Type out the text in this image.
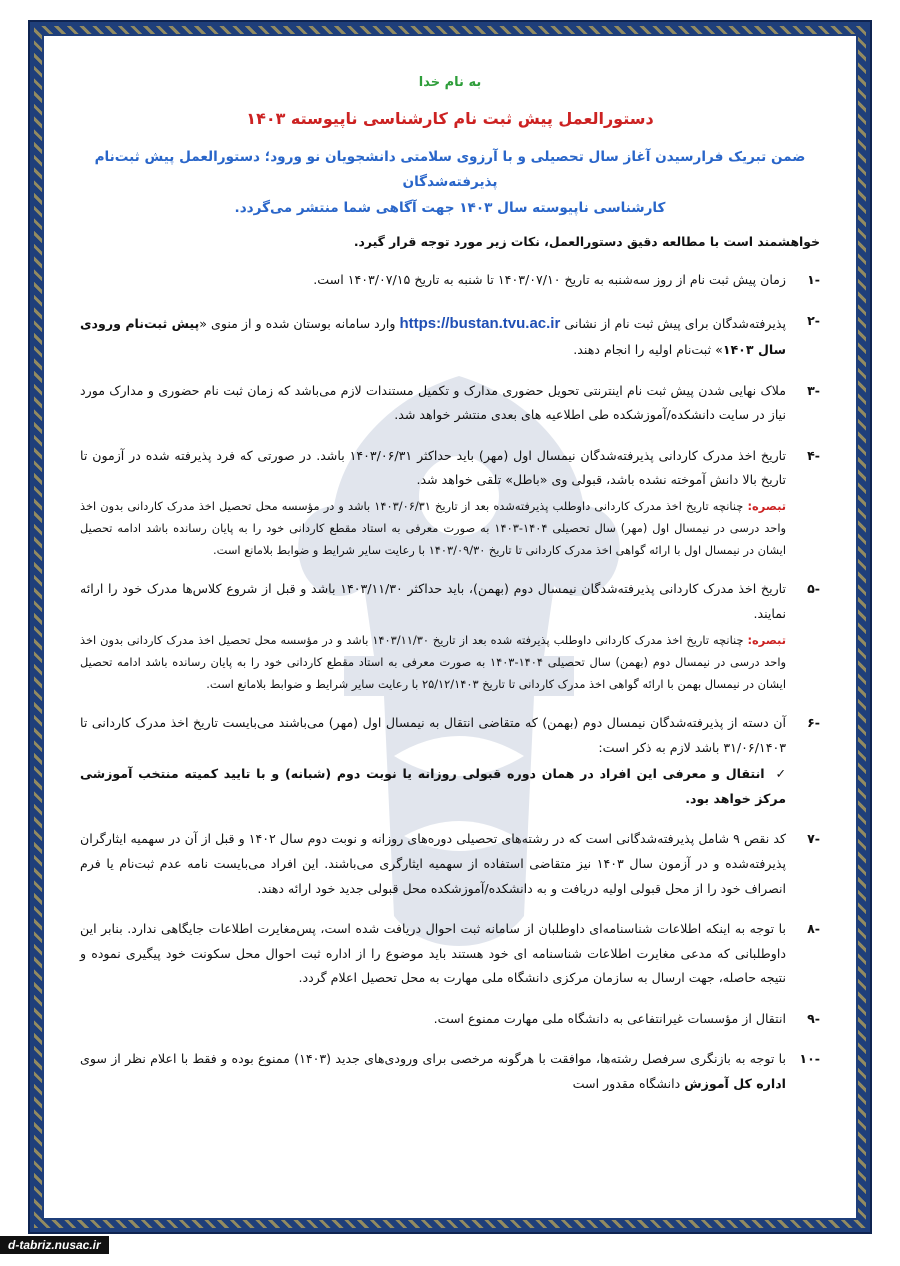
به نام خدا
دستورالعمل پیش ثبت نام کارشناسی ناپیوسته ۱۴۰۳
ضمن تبریک فرارسیدن آغاز سال تحصیلی و با آرزوی سلامتی دانشجویان نو ورود؛ دستورالعمل پیش ثبت‌نام پذیرفته‌شدگان
کارشناسی ناپیوسته سال ۱۴۰۳ جهت آگاهی شما منتشر می‌گردد.
خواهشمند است با مطالعه دقیق دستورالعمل، نکات زیر مورد توجه قرار گیرد.
-۱
زمان پیش ثبت نام از روز سه‌شنبه به تاریخ ۱۴۰۳/۰۷/۱۰ تا شنبه به تاریخ ۱۴۰۳/۰۷/۱۵ است.
-۲
پذیرفته‌شدگان برای پیش ثبت نام از نشانی https://bustan.tvu.ac.ir وارد سامانه بوستان شده و از منوی «پیش ثبت‌نام ورودی سال ۱۴۰۳» ثبت‌نام اولیه را انجام دهند.
-۳
ملاک نهایی شدن پیش ثبت نام اینترنتی تحویل حضوری مدارک و تکمیل مستندات لازم می‌باشد که زمان ثبت نام حضوری و مدارک مورد نیاز در سایت دانشکده/آموزشکده طی اطلاعیه های بعدی منتشر خواهد شد.
-۴
تاریخ اخذ مدرک کاردانی پذیرفته‌شدگان نیمسال اول (مهر) باید حداکثر ۱۴۰۳/۰۶/۳۱ باشد. در صورتی که فرد پذیرفته شده در آزمون تا تاریخ بالا دانش آموخته نشده باشد، قبولی وی «باطل» تلقی خواهد شد.
تبصره: چنانچه تاریخ اخذ مدرک کاردانی داوطلب پذیرفته‌شده بعد از تاریخ ۱۴۰۳/۰۶/۳۱ باشد و در مؤسسه محل تحصیل اخذ مدرک کاردانی بدون اخذ واحد درسی در نیمسال اول (مهر) سال تحصیلی ۱۴۰۴-۱۴۰۳ به صورت معرفی به استاد مقطع کاردانی خود را به پایان رسانده باشد ادامه تحصیل ایشان در نیمسال اول با ارائه گواهی اخذ مدرک کاردانی تا تاریخ ۱۴۰۳/۰۹/۳۰ با رعایت سایر شرایط و ضوابط بلامانع است.
-۵
تاریخ اخذ مدرک کاردانی پذیرفته‌شدگان نیمسال دوم (بهمن)، باید حداکثر ۱۴۰۳/۱۱/۳۰ باشد و قبل از شروع کلاس‌ها مدرک خود را ارائه نمایند.
تبصره: چنانچه تاریخ اخذ مدرک کاردانی داوطلب پذیرفته شده بعد از تاریخ ۱۴۰۳/۱۱/۳۰ باشد و در مؤسسه محل تحصیل اخذ مدرک کاردانی بدون اخذ واحد درسی در نیمسال دوم (بهمن) سال تحصیلی ۱۴۰۴-۱۴۰۳ به صورت معرفی به استاد مقطع کاردانی خود را به پایان رسانده باشد ادامه تحصیل ایشان در نیمسال بهمن با ارائه گواهی اخذ مدرک کاردانی تا تاریخ ۲۵/۱۲/۱۴۰۳ با رعایت سایر شرایط و ضوابط بلامانع است.
-۶
آن دسته از پذیرفته‌شدگان نیمسال دوم (بهمن) که متقاضی انتقال به نیمسال اول (مهر) می‌باشند می‌بایست تاریخ اخذ مدرک کاردانی تا ۳۱/۰۶/۱۴۰۳ باشد لازم به ذکر است:
✓ انتقال و معرفی این افراد در همان دوره قبولی روزانه یا نوبت دوم (شبانه) و با تایید کمیته منتخب آموزشی مرکز خواهد بود.
-۷
کد نقص ۹ شامل پذیرفته‌شدگانی است که در رشته‌های تحصیلی دوره‌های روزانه و نوبت دوم سال ۱۴۰۲ و قبل از آن در سهمیه ایثارگران پذیرفته‌شده و در آزمون سال ۱۴۰۳ نیز متقاضی استفاده از سهمیه ایثارگری می‌باشند. این افراد می‌بایست نامه عدم ثبت‌نام یا فرم انصراف خود را از محل قبولی اولیه دریافت و به دانشکده/آموزشکده محل قبولی جدید خود ارائه دهند.
-۸
با توجه به اینکه اطلاعات شناسنامه‌ای داوطلبان از سامانه ثبت احوال دریافت شده است، پس‌مغایرت اطلاعات جایگاهی ندارد. بنابر این داوطلبانی که مدعی مغایرت اطلاعات شناسنامه ای خود هستند باید موضوع را از اداره ثبت احوال محل سکونت خود پیگیری نموده و نتیجه حاصله، جهت ارسال به سازمان مرکزی دانشگاه ملی مهارت به محل تحصیل اعلام گردد.
-۹
انتقال از مؤسسات غیرانتفاعی به دانشگاه ملی مهارت ممنوع است.
-۱۰
با توجه به بازنگری سرفصل رشته‌ها، موافقت با هرگونه مرخصی برای ورودی‌های جدید (۱۴۰۳) ممنوع بوده و فقط با اعلام نظر از سوی اداره کل آموزش دانشگاه مقدور است
d-tabriz.nusac.ir
